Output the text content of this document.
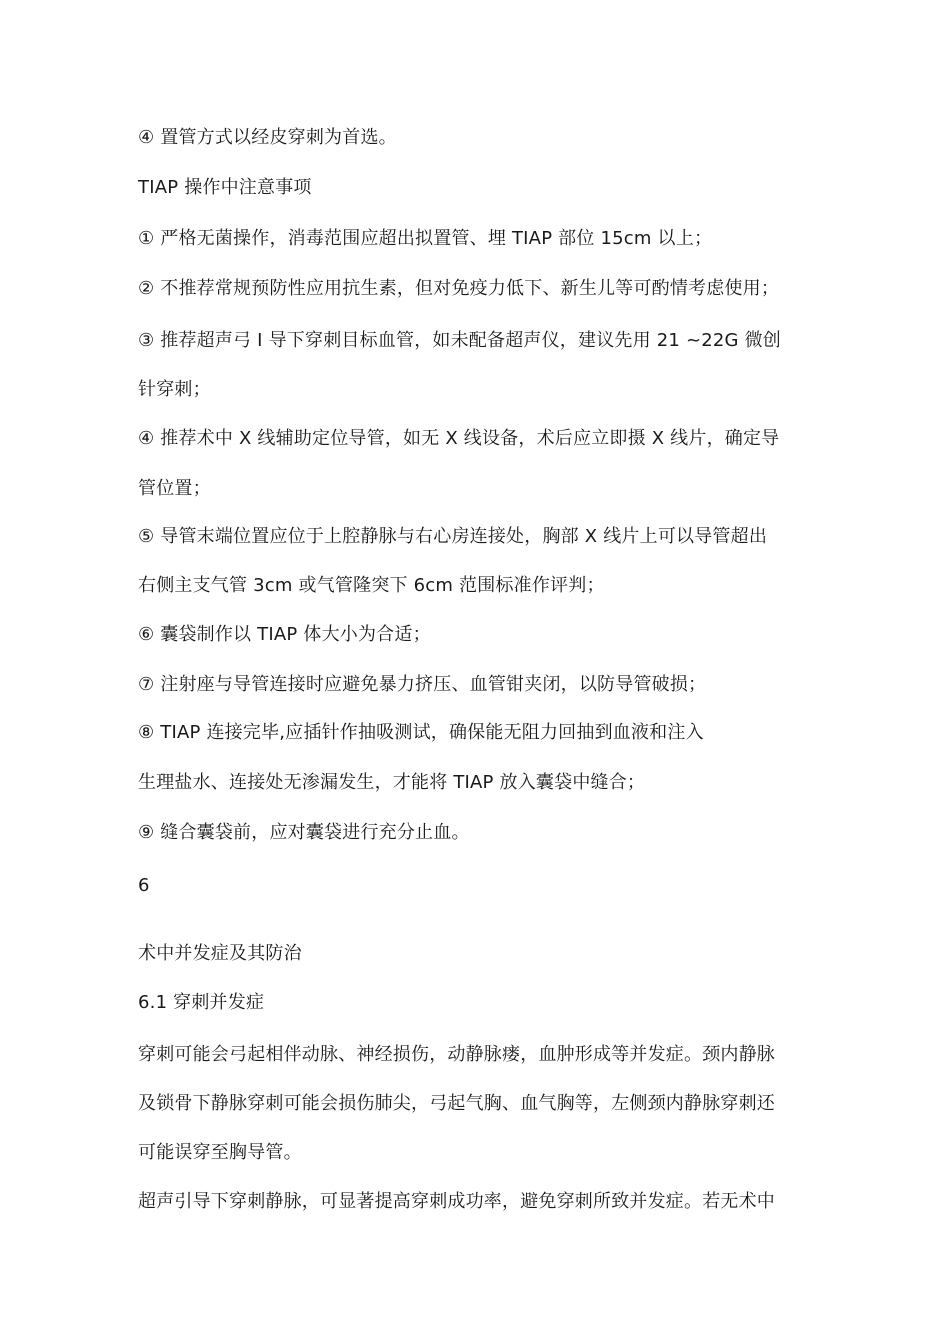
④ 置管方式以经皮穿刺为首选。
TIAP 操作中注意事项
① 严格无菌操作，消毒范围应超出拟置管、埋 TIAP 部位 15cm 以上；
② 不推荐常规预防性应用抗生素，但对免疫力低下、新生儿等可酌情考虑使用；
③ 推荐超声弓 I 导下穿刺目标血管，如未配备超声仪，建议先用 21 ~22G 微创
针穿刺；
④ 推荐术中 X 线辅助定位导管，如无 X 线设备，术后应立即摄 X 线片，确定导
管位置；
⑤ 导管末端位置应位于上腔静脉与右心房连接处，胸部 X 线片上可以导管超出
右侧主支气管 3cm 或气管隆突下 6cm 范围标准作评判；
⑥ 囊袋制作以 TIAP 体大小为合适；
⑦ 注射座与导管连接时应避免暴力挤压、血管钳夹闭，以防导管破损；
⑧ TIAP 连接完毕,应插针作抽吸测试，确保能无阻力回抽到血液和注入
生理盐水、连接处无渗漏发生，才能将 TIAP 放入囊袋中缝合；
⑨ 缝合囊袋前，应对囊袋进行充分止血。
6
术中并发症及其防治
6.1 穿刺并发症
穿刺可能会弓起相伴动脉、神经损伤，动静脉瘘，血肿形成等并发症。颈内静脉
及锁骨下静脉穿刺可能会损伤肺尖，弓起气胸、血气胸等，左侧颈内静脉穿刺还
可能误穿至胸导管。
超声引导下穿刺静脉，可显著提高穿刺成功率，避免穿刺所致并发症。若无术中
